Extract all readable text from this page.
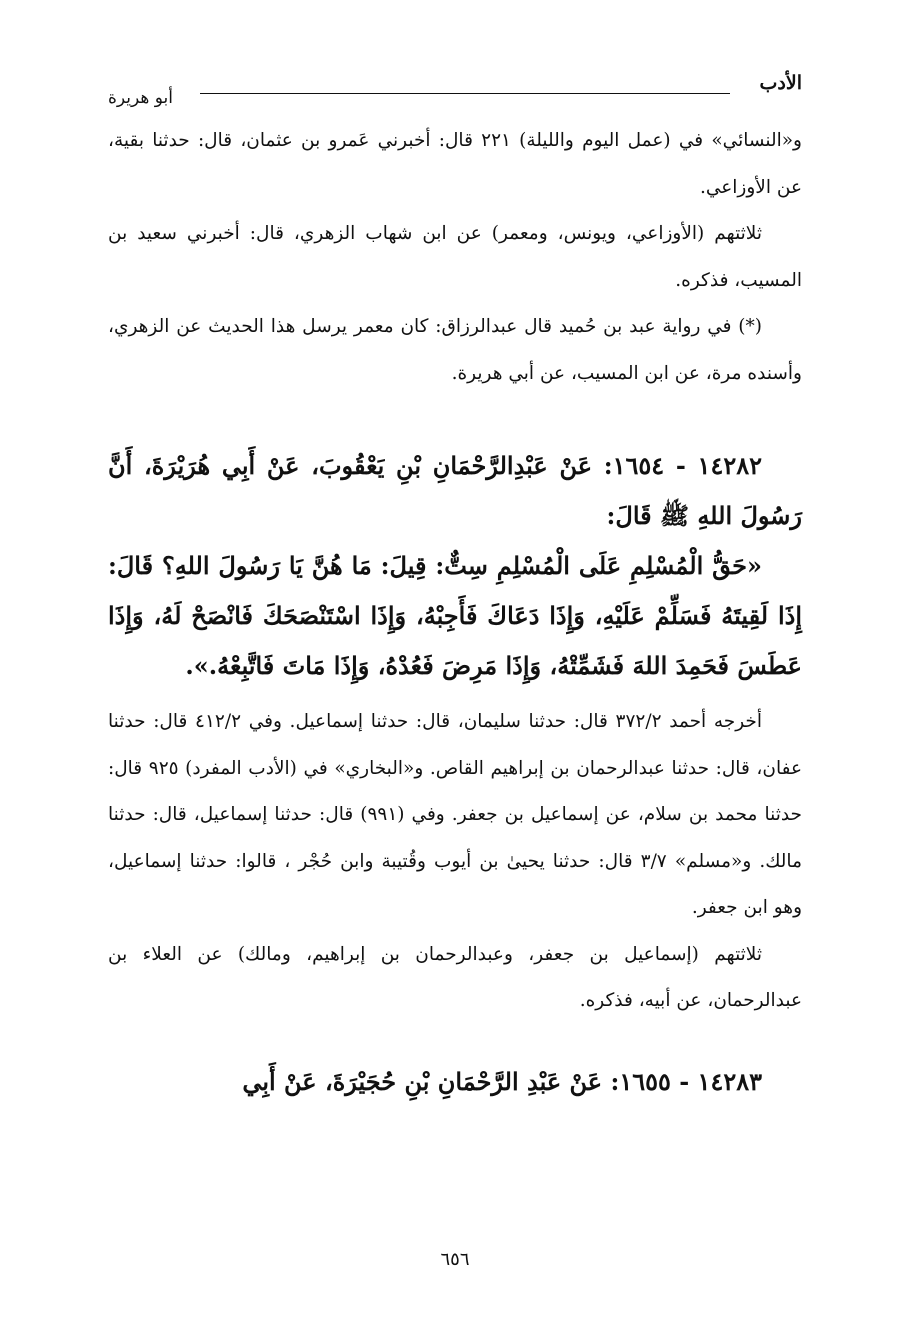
الأدب
أبو هريرة

و«النسائي» في (عمل اليوم والليلة) ٢٢١ قال: أخبرني عَمرو بن عثمان، قال: حدثنا بقية، عن الأوزاعي.

ثلاثتهم (الأوزاعي، ويونس، ومعمر) عن ابن شهاب الزهري، قال: أخبرني سعيد بن المسيب، فذكره.

(*) في رواية عبد بن حُميد قال عبدالرزاق: كان معمر يرسل هذا الحديث عن الزهري، وأسنده مرة، عن ابن المسيب، عن أبي هريرة.

١٤٢٨٢ - ١٦٥٤: عَنْ عَبْدِالرَّحْمَانِ بْنِ يَعْقُوبَ، عَنْ أَبِي هُرَيْرَةَ، أَنَّ رَسُولَ اللهِ ﷺ قَالَ:

«حَقُّ الْمُسْلِمِ عَلَى الْمُسْلِمِ سِتٌّ: قِيلَ: مَا هُنَّ يَا رَسُولَ اللهِ؟ قَالَ: إِذَا لَقِيتَهُ فَسَلِّمْ عَلَيْهِ، وَإِذَا دَعَاكَ فَأَجِبْهُ، وَإِذَا اسْتَنْصَحَكَ فَانْصَحْ لَهُ، وَإِذَا عَطَسَ فَحَمِدَ اللهَ فَشَمِّتْهُ، وَإِذَا مَرِضَ فَعُدْهُ، وَإِذَا مَاتَ فَاتَّبِعْهُ.».

أخرجه أحمد ٣٧٢/٢ قال: حدثنا سليمان، قال: حدثنا إسماعيل. وفي ٤١٢/٢ قال: حدثنا عفان، قال: حدثنا عبدالرحمان بن إبراهيم القاص. و«البخاري» في (الأدب المفرد) ٩٢٥ قال: حدثنا محمد بن سلام، عن إسماعيل بن جعفر. وفي (٩٩١) قال: حدثنا إسماعيل، قال: حدثنا مالك. و«مسلم» ٣/٧ قال: حدثنا يحيىٰ بن أيوب وقُتيبة وابن حُجْر ، قالوا: حدثنا إسماعيل، وهو ابن جعفر.

ثلاثتهم (إسماعيل بن جعفر، وعبدالرحمان بن إبراهيم، ومالك) عن العلاء بن عبدالرحمان، عن أبيه، فذكره.

١٤٢٨٣ - ١٦٥٥: عَنْ عَبْدِ الرَّحْمَانِ بْنِ حُجَيْرَةَ، عَنْ أَبِي

٦٥٦
